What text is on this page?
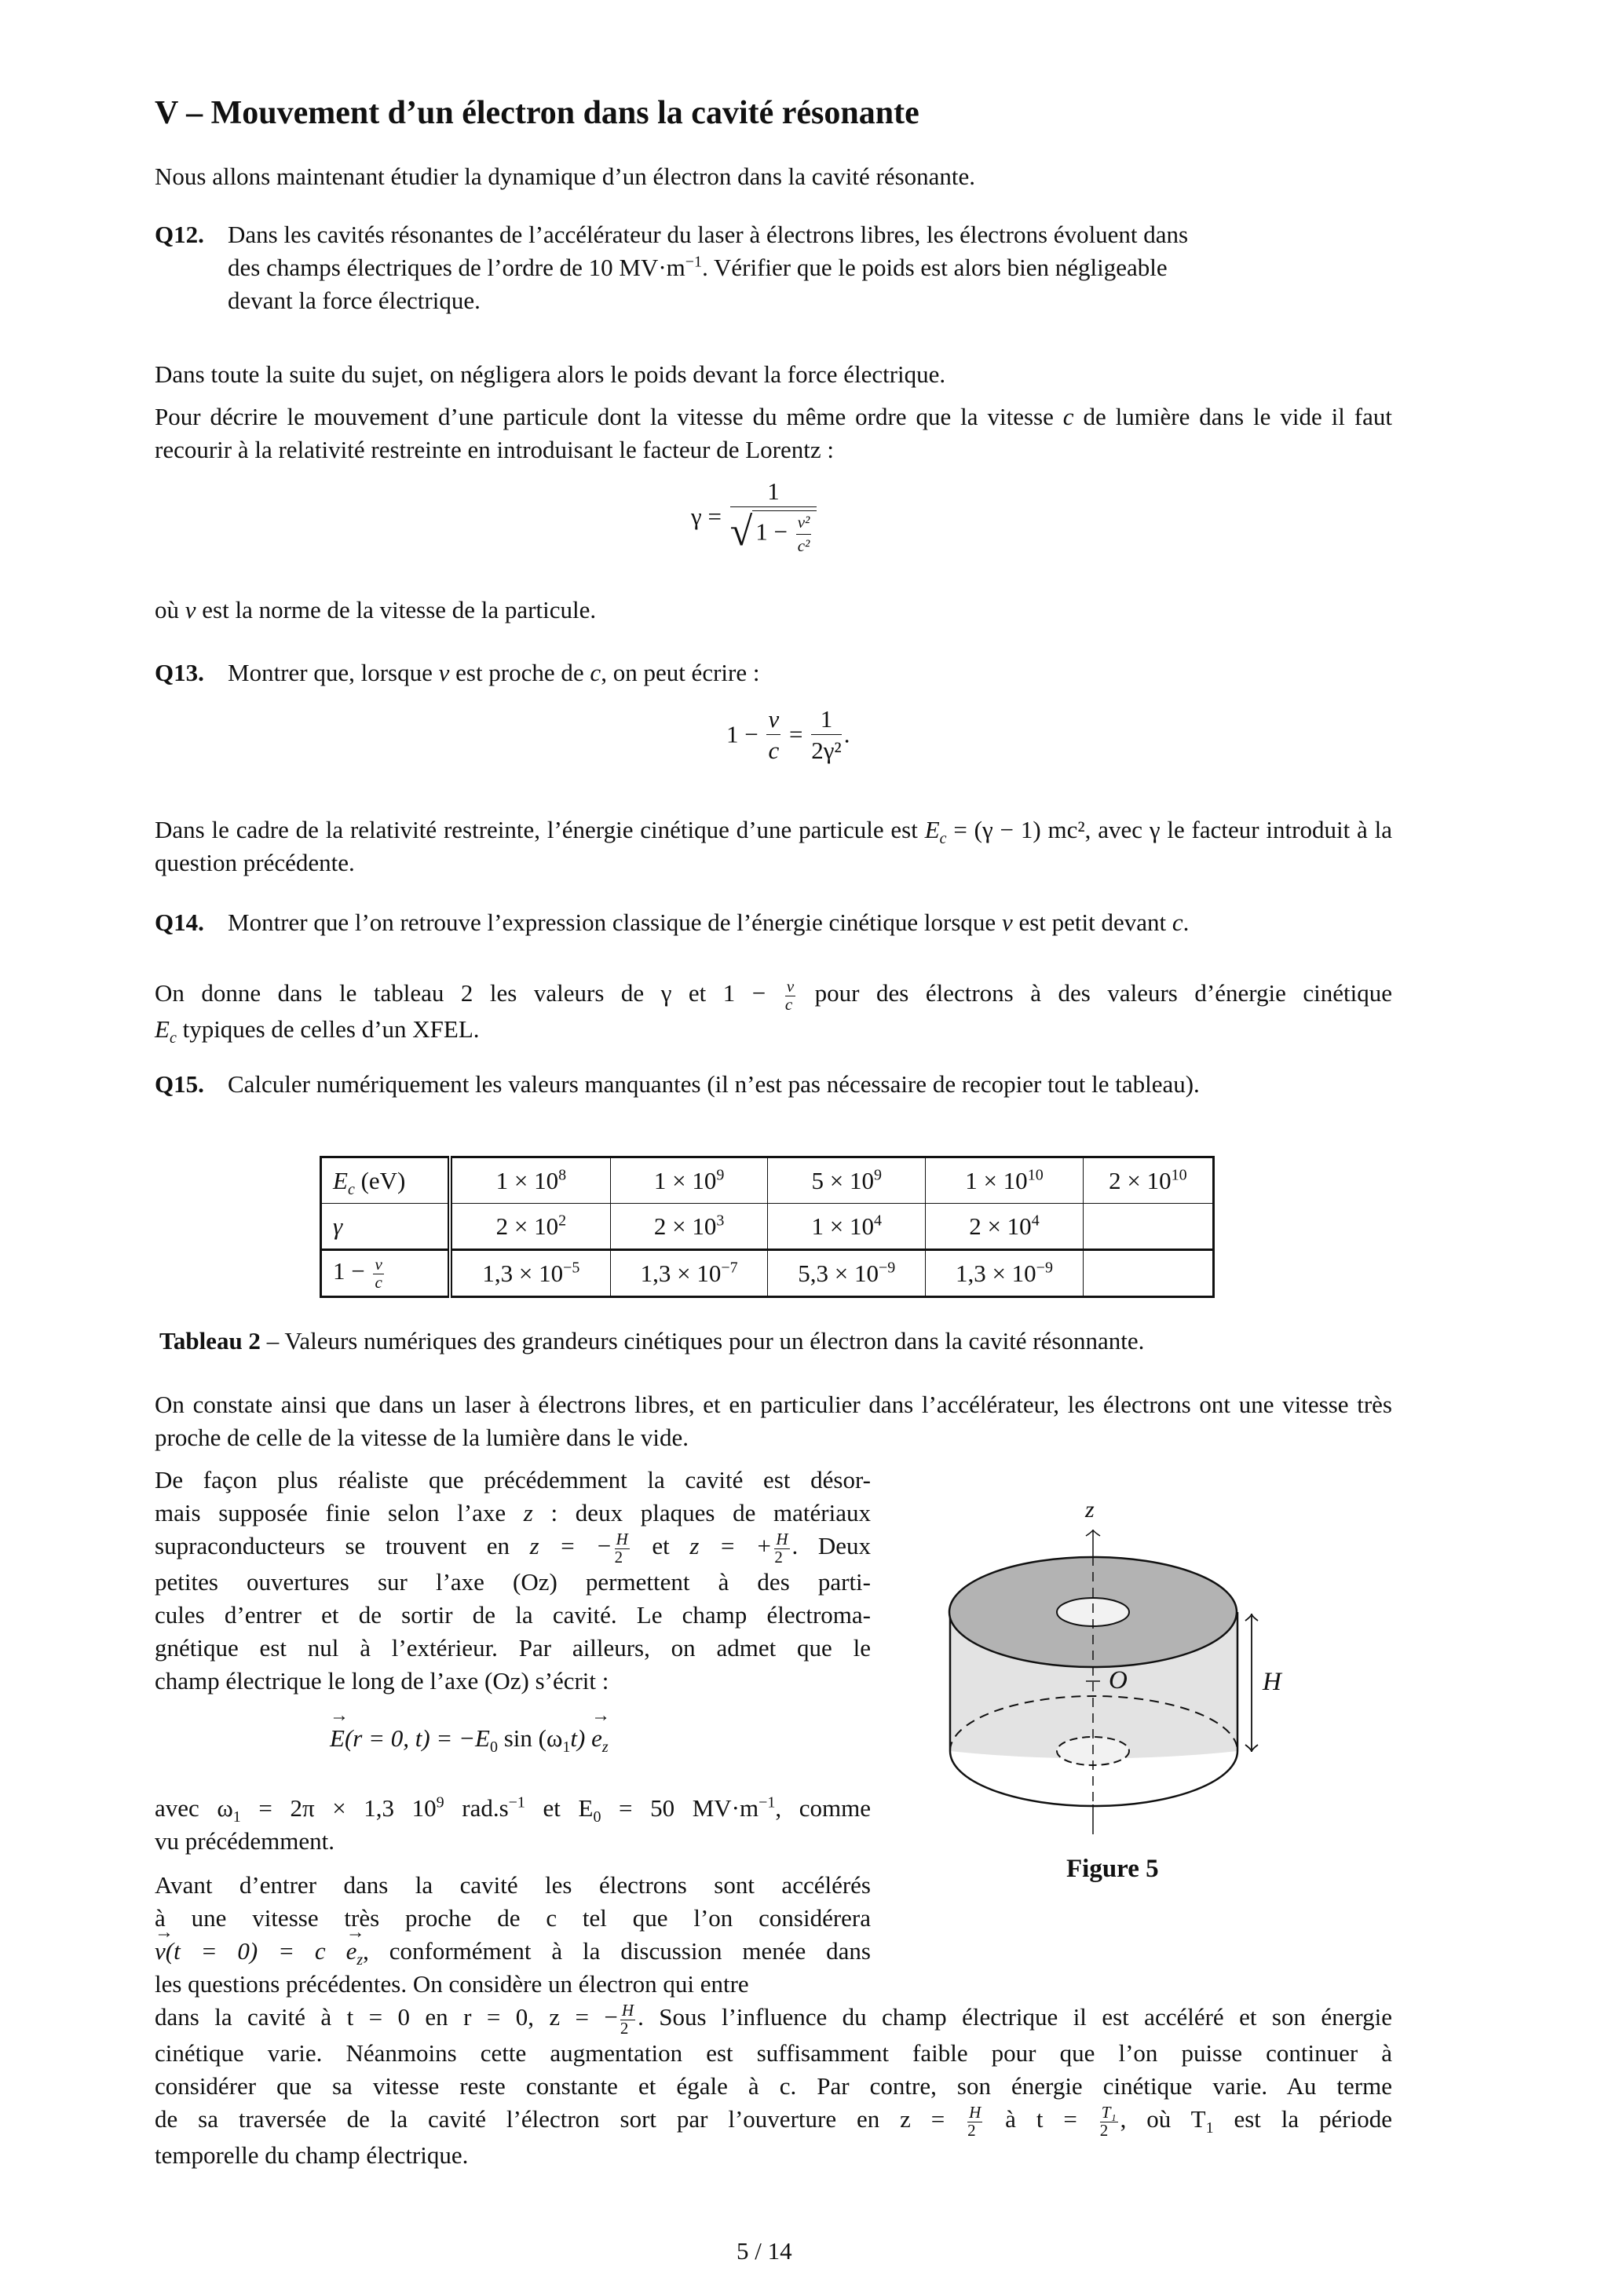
V – Mouvement d’un électron dans la cavité résonante
Nous allons maintenant étudier la dynamique d’un électron dans la cavité résonante.
Q12. Dans les cavités résonantes de l’accélérateur du laser à électrons libres, les électrons évoluent dans
des champs électriques de l’ordre de 10 $MV\cdot m^{-1}$. Vérifier que le poids est alors bien négligeable
devant la force électrique.
Dans toute la suite du sujet, on négligera alors le poids devant la force électrique.
Pour décrire le mouvement d’une particule dont la vitesse du même ordre que la vitesse c de lumière dans le vide il faut recourir à la relativité restreinte en introduisant le facteur de Lorentz :
$\gamma = \frac{1}{√ 1 - \frac{\text{v²}}{\text{c²}}}$
où v est la norme de la vitesse de la particule.
Q13. Montrer que, lorsque v est proche de c, on peut écrire :
$1 - \frac{v}{c} = \frac{1}{\text{2γ²}}$ .
Dans le cadre de la relativité restreinte, l’énergie cinétique d’une particule est $E_c = (\gamma - 1)$ mc², avec γ le facteur introduit à la question précédente.
Q14. Montrer que l’on retrouve l’expression classique de l’énergie cinétique lorsque v est petit devant c.
On donne dans le tableau 2 les valeurs de γ et $1 - \frac{v}{c}$ pour des électrons à des valeurs d’énergie cinétique
$E_c$ typiques de celles d’un XFEL.
Q15. Calculer numériquement les valeurs manquantes (il n’est pas nécessaire de recopier tout le tableau).
$E_c$ (eV)	$1 \times 10^8$	$1 \times 10^9$	$5 \times 10^9$	$1 \times 10^{10}$	$2 \times 10^{10}$
γ	$2 \times 10^2$	$2 \times 10^3$	$1 \times 10^4$	$2 \times 10^4$	
$1 - \frac{v}{c}$	$1,3 \times 10^{-5}$	$1,3 \times 10^{-7}$	$5,3 \times 10^{-9}$	$1,3 \times 10^{-9}$	
Tableau 2 – Valeurs numériques des grandeurs cinétiques pour un électron dans la cavité résonnante.
On constate ainsi que dans un laser à électrons libres, et en particulier dans l’accélérateur, les électrons ont une vitesse très proche de celle de la vitesse de la lumière dans le vide.
De façon plus réaliste que précédemment la cavité est désor-
mais supposée finie selon l’axe z : deux plaques de matériaux
supraconducteurs se trouvent en z = − $\frac{H}{2}$ et z = + $\frac{H}{2}$ . Deux
petites ouvertures sur l’axe (Oz) permettent à des parti-
cules d’entrer et de sortir de la cavité. Le champ électroma-
gnétique est nul à l’extérieur. Par ailleurs, on admet que le
champ électrique le long de l’axe (Oz) s’écrit :
→ E(r = 0, $t) = -E_0$ $\sin (\omega_1t) \to e_z$
avec $\omega_1 = 2\pi \times 1,3$ $10^9$ $rad.s^{-1}$ et $E_0 = 50$ $MV\cdot m^{-1}$, comme
vu précédemment.
Avant d’entrer dans la cavité les électrons sont accélérés
à une vitesse très proche de c tel que l’on considérera
→ $v(t = 0) = c \to e_z$, conformément à la discussion menée dans
les questions précédentes. On considère un électron qui entre
dans la cavité à t = 0 en r = 0, z = − $\frac{H}{2}$ . Sous l’influence du champ électrique il est accéléré et son énergie
cinétique varie. Néanmoins cette augmentation est suffisamment faible pour que l’on puisse continuer à
considérer que sa vitesse reste constante et égale à c. Par contre, son énergie cinétique varie. Au terme
de sa traversée de la cavité l’électron sort par l’ouverture en $z = \frac{H}{2}$ à $t = \frac{\text{T₁}}{2}$ , où $T_1$ est la période
temporelle du champ électrique.
z
O	H
Figure 5
5 / 14
